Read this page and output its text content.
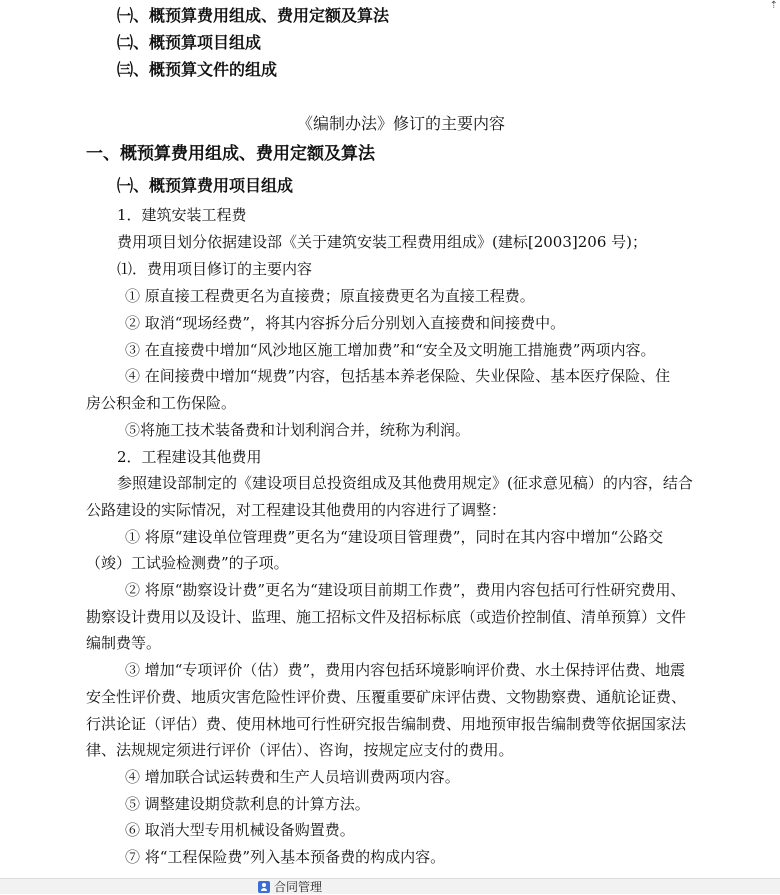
⇡
㈠、概预算费用组成、费用定额及算法
㈡、概预算项目组成
㈢、概预算文件的组成
《编制办法》修订的主要内容
一、概预算费用组成、费用定额及算法
㈠、概预算费用项目组成
1．建筑安装工程费
费用项目划分依据建设部《关于建筑安装工程费用组成》(建标[2003]206 号)；
⑴．费用项目修订的主要内容
① 原直接工程费更名为直接费；原直接费更名为直接工程费。
② 取消“现场经费”，将其内容拆分后分别划入直接费和间接费中。
③ 在直接费中增加“风沙地区施工增加费”和“安全及文明施工措施费”两项内容。
④ 在间接费中增加“规费”内容，包括基本养老保险、失业保险、基本医疗保险、住
房公积金和工伤保险。
⑤将施工技术装备费和计划利润合并，统称为利润。
2．工程建设其他费用
参照建设部制定的《建设项目总投资组成及其他费用规定》(征求意见稿）的内容，结合
公路建设的实际情况，对工程建设其他费用的内容进行了调整：
① 将原“建设单位管理费”更名为“建设项目管理费”，同时在其内容中增加“公路交
（竣）工试验检测费”的子项。
② 将原“勘察设计费”更名为“建设项目前期工作费”，费用内容包括可行性研究费用、
勘察设计费用以及设计、监理、施工招标文件及招标标底（或造价控制值、清单预算）文件
编制费等。
③ 增加“专项评价（估）费”，费用内容包括环境影响评价费、水土保持评估费、地震
安全性评价费、地质灾害危险性评价费、压覆重要矿床评估费、文物勘察费、通航论证费、
行洪论证（评估）费、使用林地可行性研究报告编制费、用地预审报告编制费等依据国家法
律、法规规定须进行评价（评估）、咨询，按规定应支付的费用。
④ 增加联合试运转费和生产人员培训费两项内容。
⑤ 调整建设期贷款利息的计算方法。
⑥ 取消大型专用机械设备购置费。
⑦ 将“工程保险费”列入基本预备费的构成内容。
合同管理
